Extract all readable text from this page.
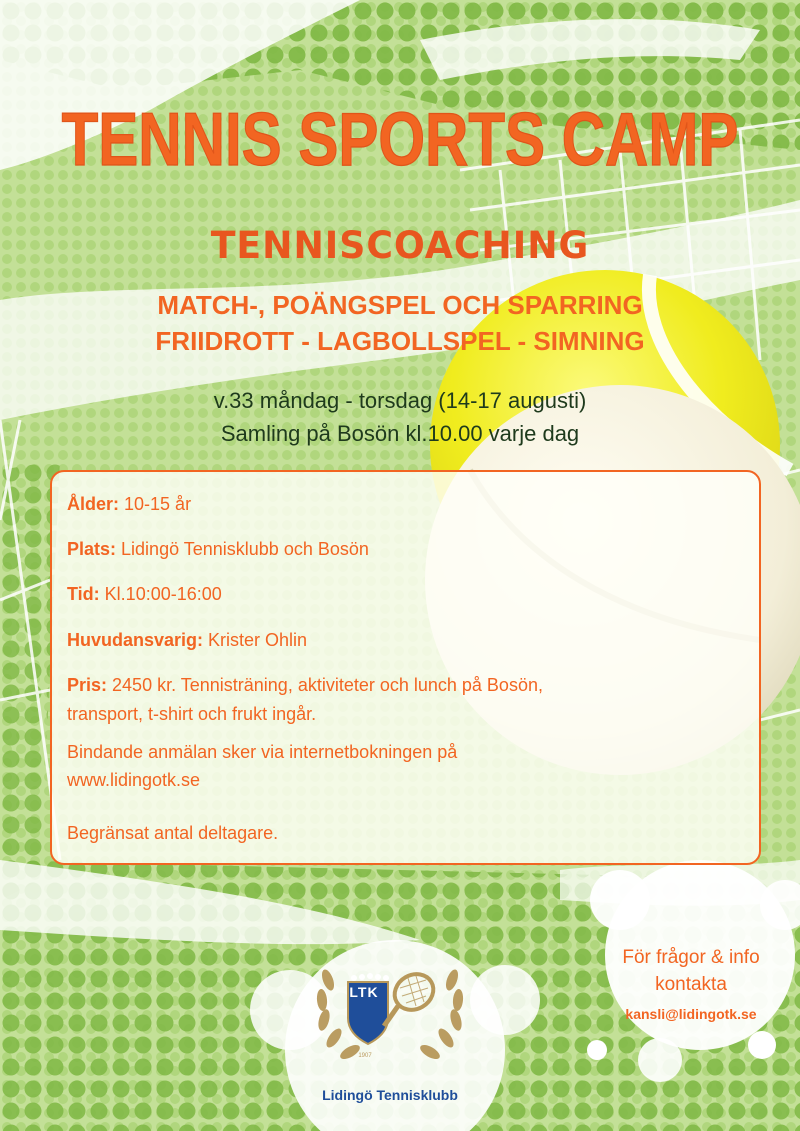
TENNIS SPORTS CAMP
TENNISCOACHING
MATCH-, POÄNGSPEL OCH SPARRING
FRIIDROTT - LAGBOLLSPEL - SIMNING
v.33 måndag - torsdag (14-17 augusti)
Samling på Bosön kl.10.00 varje dag
Ålder: 10-15 år
Plats: Lidingö Tennisklubb och Bosön
Tid: Kl.10:00-16:00
Huvudansvarig: Krister Ohlin
Pris: 2450 kr. Tennisträning, aktiviteter och lunch på Bosön,
transport, t-shirt och frukt ingår.
Bindande anmälan sker via internetbokningen på
www.lidingotk.se
Begränsat antal deltagare.
För frågor & info
kontakta
kansli@lidingotk.se
LTK
1907
Lidingö Tennisklubb
